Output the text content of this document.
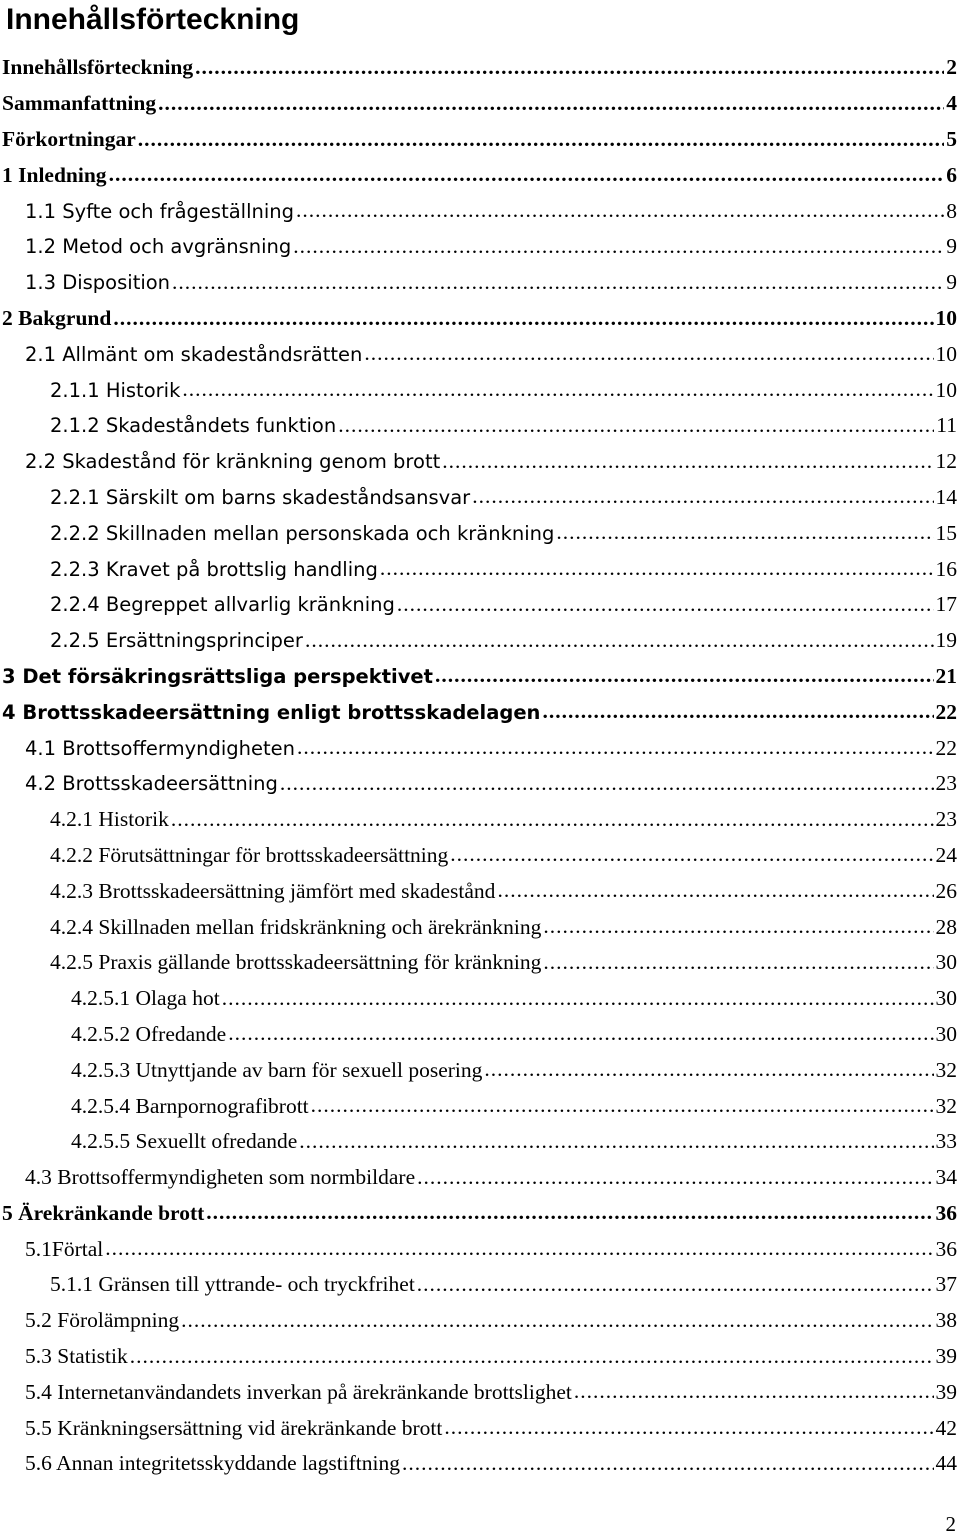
Innehållsförteckning
Innehållsförteckning .....	2
Sammanfattning .....	4
Förkortningar .....	5
1 Inledning .....	6
1.1 Syfte och frågeställning .....	8
1.2 Metod och avgränsning .....	9
1.3 Disposition .....	9
2 Bakgrund .....	10
2.1 Allmänt om skadeståndsrätten .....	10
2.1.1 Historik .....	10
2.1.2 Skadeståndets funktion .....	11
2.2 Skadestånd för kränkning genom brott .....	12
2.2.1 Särskilt om barns skadeståndsansvar .....	14
2.2.2 Skillnaden mellan personskada och kränkning .....	15
2.2.3 Kravet på brottslig handling .....	16
2.2.4 Begreppet allvarlig kränkning .....	17
2.2.5 Ersättningsprinciper .....	19
3 Det försäkringsrättsliga perspektivet .....	21
4 Brottsskadeersättning enligt brottsskadelagen .....	22
4.1 Brottsoffermyndigheten .....	22
4.2 Brottsskadeersättning .....	23
4.2.1 Historik .....	23
4.2.2 Förutsättningar för brottsskadeersättning .....	24
4.2.3 Brottsskadeersättning jämfört med skadestånd .....	26
4.2.4 Skillnaden mellan fridskränkning och ärekränkning .....	28
4.2.5 Praxis gällande brottsskadeersättning för kränkning .....	30
4.2.5.1 Olaga hot .....	30
4.2.5.2 Ofredande .....	30
4.2.5.3 Utnyttjande av barn för sexuell posering .....	32
4.2.5.4 Barnpornografibrott .....	32
4.2.5.5 Sexuellt ofredande .....	33
4.3 Brottsoffermyndigheten som normbildare .....	34
5 Ärekränkande brott .....	36
5.1Förtal .....	36
5.1.1 Gränsen till yttrande- och tryckfrihet .....	37
5.2 Förolämpning .....	38
5.3 Statistik .....	39
5.4 Internetanvändandets inverkan på ärekränkande brottslighet .....	39
5.5 Kränkningsersättning vid ärekränkande brott .....	42
5.6 Annan integritetsskyddande lagstiftning .....	44
2
